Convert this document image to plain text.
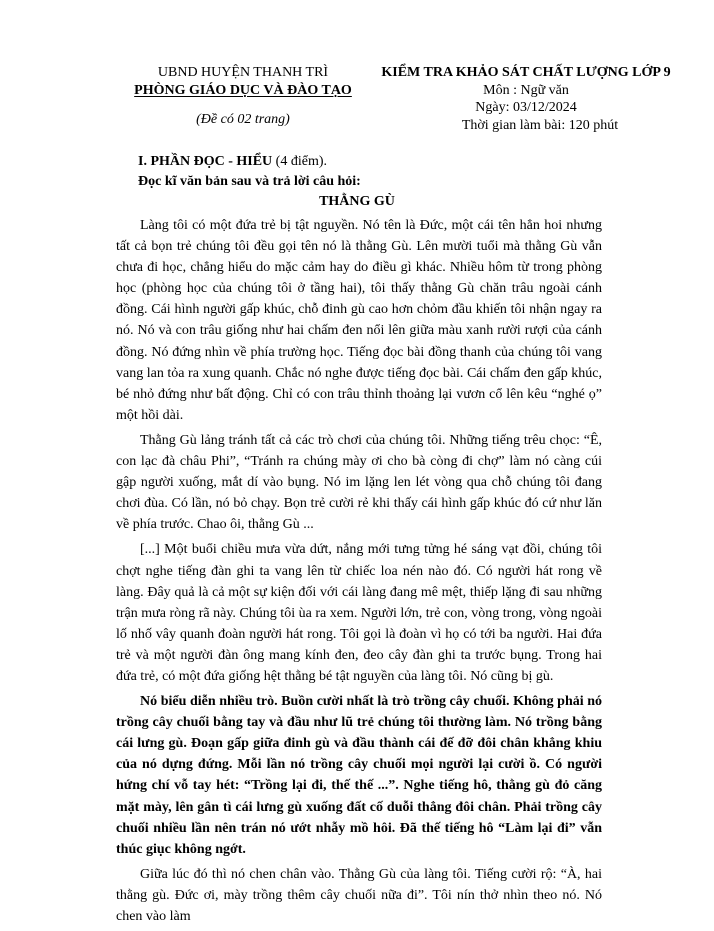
UBND HUYỆN THANH TRÌ
PHÒNG GIÁO DỤC VÀ ĐÀO TẠO
(Đề có 02 trang)
KIỂM TRA KHẢO SÁT CHẤT LƯỢNG LỚP 9
Môn : Ngữ văn
Ngày: 03/12/2024
Thời gian làm bài: 120 phút
I. PHẦN ĐỌC - HIỂU (4 điểm).
Đọc kĩ văn bản sau và trả lời câu hỏi:
THẰNG GÙ

Làng tôi có một đứa trẻ bị tật nguyền. Nó tên là Đức, một cái tên hẳn hoi nhưng tất cả bọn trẻ chúng tôi đều gọi tên nó là thằng Gù. Lên mười tuổi mà thằng Gù vẫn chưa đi học, chẳng hiểu do mặc cảm hay do điều gì khác. Nhiều hôm từ trong phòng học (phòng học của chúng tôi ở tầng hai), tôi thấy thằng Gù chăn trâu ngoài cánh đồng. Cái hình người gấp khúc, chỗ đinh gù cao hơn chỏm đầu khiến tôi nhận ngay ra nó. Nó và con trâu giống như hai chấm đen nổi lên giữa màu xanh rười rượi của cánh đồng. Nó đứng nhìn về phía trường học. Tiếng đọc bài đồng thanh của chúng tôi vang vang lan tỏa ra xung quanh. Chắc nó nghe được tiếng đọc bài. Cái chấm đen gấp khúc, bé nhỏ đứng như bất động. Chỉ có con trâu thỉnh thoảng lại vươn cổ lên kêu “nghé ọ” một hồi dài.

Thằng Gù lảng tránh tất cả các trò chơi của chúng tôi. Những tiếng trêu chọc: “Ê, con lạc đà châu Phi”, “Tránh ra chúng mày ơi cho bà còng đi chợ” làm nó càng cúi gập người xuống, mắt dí vào bụng. Nó im lặng len lét vòng qua chỗ chúng tôi đang chơi đùa. Có lần, nó bỏ chạy. Bọn trẻ cười rẻ khi thấy cái hình gấp khúc đó cứ như lăn về phía trước. Chao ôi, thằng Gù ...

[...] Một buổi chiều mưa vừa dứt, nắng mới tưng tửng hé sáng vạt đồi, chúng tôi chợt nghe tiếng đàn ghi ta vang lên từ chiếc loa nén nào đó. Có người hát rong về làng. Đây quả là cả một sự kiện đối với cái làng đang mê mệt, thiếp lặng đi sau những trận mưa ròng rã này. Chúng tôi ùa ra xem. Người lớn, trẻ con, vòng trong, vòng ngoài lố nhố vây quanh đoàn người hát rong. Tôi gọi là đoàn vì họ có tới ba người. Hai đứa trẻ và một người đàn ông mang kính đen, đeo cây đàn ghi ta trước bụng. Trong hai đứa trẻ, có một đứa giống hệt thằng bé tật nguyền của làng tôi. Nó cũng bị gù.

Nó biểu diễn nhiều trò. Buồn cười nhất là trò trồng cây chuối. Không phải nó trồng cây chuối bằng tay và đầu như lũ trẻ chúng tôi thường làm. Nó trồng bằng cái lưng gù. Đoạn gấp giữa đinh gù và đầu thành cái đế đỡ đôi chân khẳng khiu của nó dựng đứng. Mỗi lần nó trồng cây chuối mọi người lại cười ồ. Có người hứng chí vỗ tay hét: “Trồng lại đi, thế thế ...”. Nghe tiếng hô, thằng gù đỏ căng mặt mày, lên gân tì cái lưng gù xuống đất cố duỗi thẳng đôi chân. Phải trồng cây chuối nhiều lần nên trán nó ướt nhẫy mồ hôi. Đã thế tiếng hô “Làm lại đi” vẫn thúc giục không ngớt.

Giữa lúc đó thì nó chen chân vào. Thằng Gù của làng tôi. Tiếng cười rộ: “À, hai thằng gù. Đức ơi, mày trồng thêm cây chuối nữa đi”. Tôi nín thở nhìn theo nó. Nó chen vào làm
